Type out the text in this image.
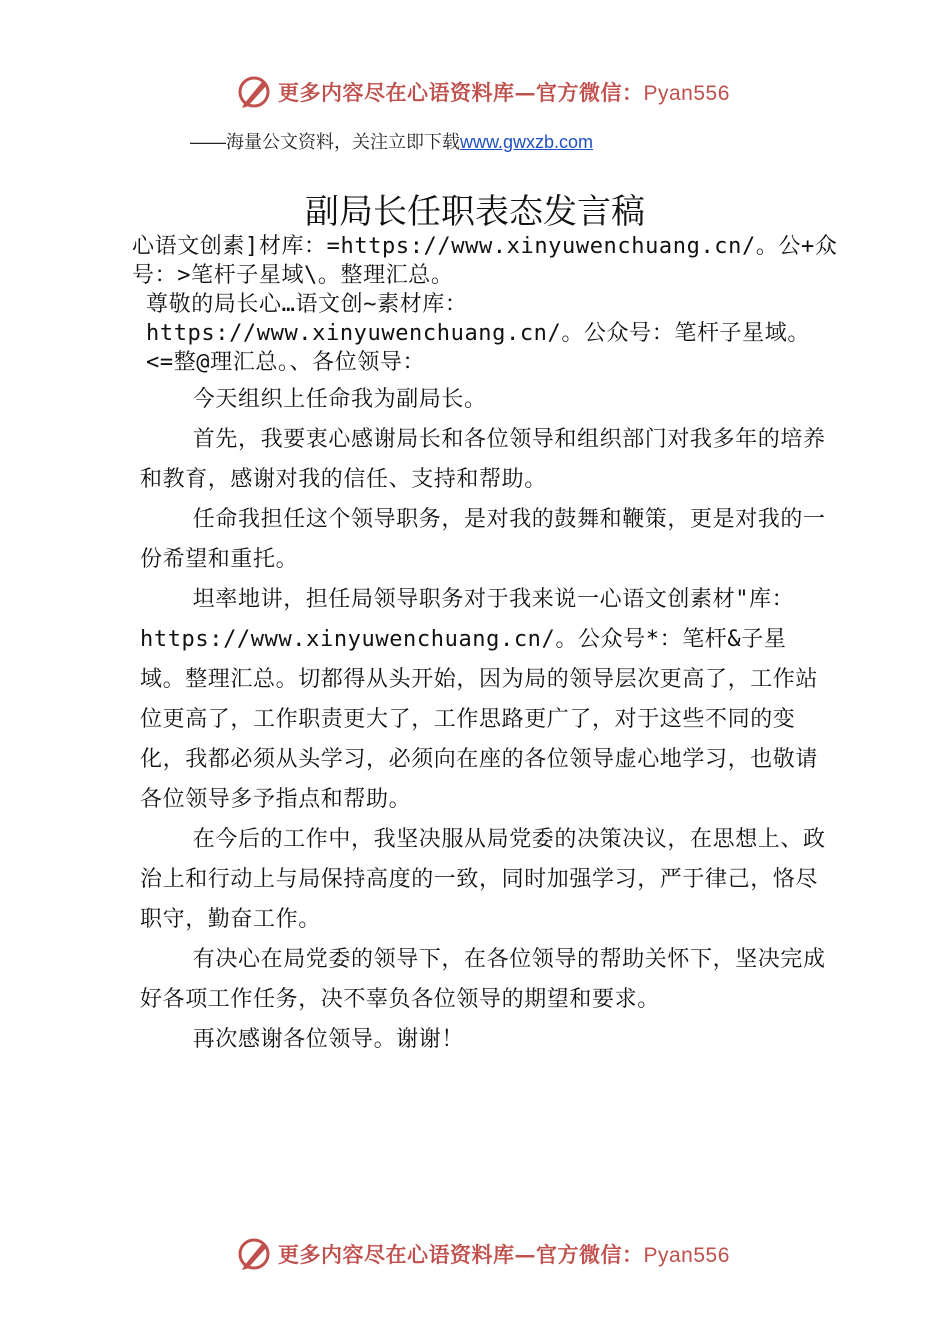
更多内容尽在心语资料库—官方微信：Pyan556
——海量公文资料，关注立即下载www.gwxzb.com
副局长任职表态发言稿

心语文创素]材库：=https://www.xinyuwenchuang.cn/。公+众号：>笔杆子星域\。整理汇总。

尊敬的局长心…语文创~素材库：https://www.xinyuwenchuang.cn/。公众号：笔杆子星域。<=整@理汇总。、各位领导：

今天组织上任命我为副局长。

首先，我要衷心感谢局长和各位领导和组织部门对我多年的培养和教育，感谢对我的信任、支持和帮助。

任命我担任这个领导职务，是对我的鼓舞和鞭策，更是对我的一份希望和重托。

坦率地讲，担任局领导职务对于我来说一心语文创素材"库：https://www.xinyuwenchuang.cn/。公众号*：笔杆&子星域。整理汇总。切都得从头开始，因为局的领导层次更高了，工作站位更高了，工作职责更大了，工作思路更广了，对于这些不同的变化，我都必须从头学习，必须向在座的各位领导虚心地学习，也敬请各位领导多予指点和帮助。

在今后的工作中，我坚决服从局党委的决策决议，在思想上、政治上和行动上与局保持高度的一致，同时加强学习，严于律己，恪尽职守，勤奋工作。

有决心在局党委的领导下，在各位领导的帮助关怀下，坚决完成好各项工作任务，决不辜负各位领导的期望和要求。

再次感谢各位领导。谢谢！

更多内容尽在心语资料库—官方微信：Pyan556
